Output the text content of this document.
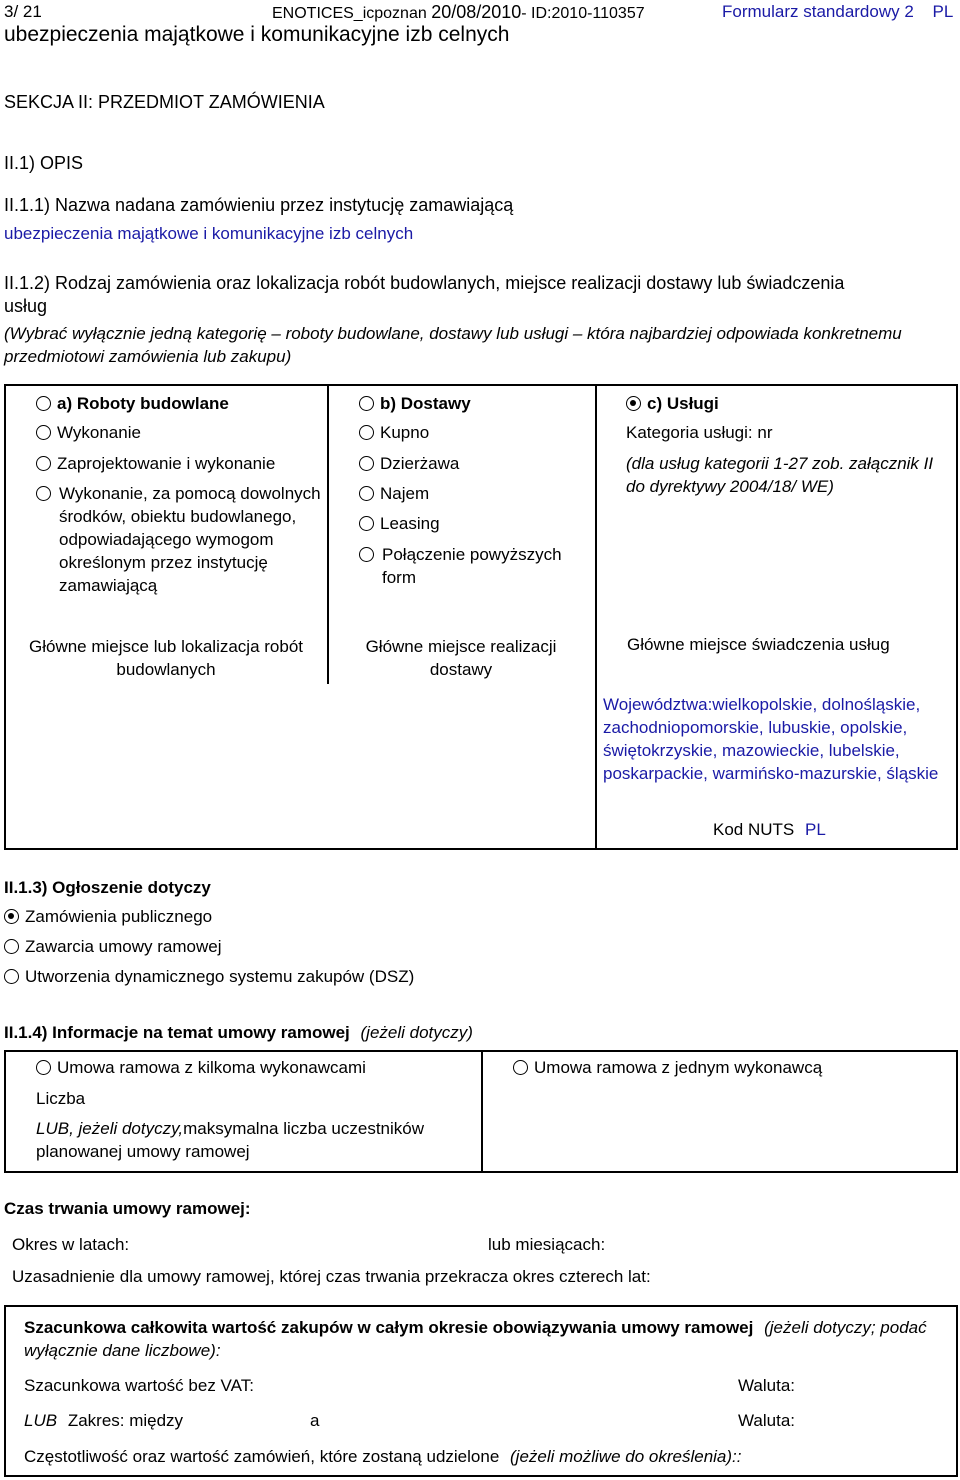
3/ 21	ENOTICES_icpoznan 20/08/2010- ID:2010-110357	Formularz standardowy 2 PL
ubezpieczenia majątkowe i komunikacyjne izb celnych
SEKCJA II: PRZEDMIOT ZAMÓWIENIA
II.1) OPIS
II.1.1) Nazwa nadana zamówieniu przez instytucję zamawiającą
ubezpieczenia majątkowe i komunikacyjne izb celnych
II.1.2) Rodzaj zamówienia oraz lokalizacja robót budowlanych, miejsce realizacji dostawy lub świadczenia usług
(Wybrać wyłącznie jedną kategorię – roboty budowlane, dostawy lub usługi – która najbardziej odpowiada konkretnemu przedmiotowi zamówienia lub zakupu)
a) Roboty budowlane
Wykonanie
Zaprojektowanie i wykonanie
Wykonanie, za pomocą dowolnych środków, obiektu budowlanego, odpowiadającego wymogom określonym przez instytucję zamawiającą
Główne miejsce lub lokalizacja robót budowlanych
b) Dostawy
Kupno
Dzierżawa
Najem
Leasing
Połączenie powyższych form
Główne miejsce realizacji dostawy
c) Usługi
Kategoria usługi: nr
(dla usług kategorii 1-27 zob. załącznik II do dyrektywy 2004/18/ WE)
Główne miejsce świadczenia usług
Województwa:wielkopolskie, dolnośląskie, zachodniopomorskie, lubuskie, opolskie, świętokrzyskie, mazowieckie, lubelskie, poskarpackie, warmińsko-mazurskie, śląskie
Kod NUTS PL
II.1.3) Ogłoszenie dotyczy
Zamówienia publicznego
Zawarcia umowy ramowej
Utworzenia dynamicznego systemu zakupów (DSZ)
II.1.4) Informacje na temat umowy ramowej (jeżeli dotyczy)
Umowa ramowa z kilkoma wykonawcami
Liczba
LUB, jeżeli dotyczy,maksymalna liczba uczestników planowanej umowy ramowej
Umowa ramowa z jednym wykonawcą
Czas trwania umowy ramowej:
Okres w latach:	lub miesiącach:
Uzasadnienie dla umowy ramowej, której czas trwania przekracza okres czterech lat:
Szacunkowa całkowita wartość zakupów w całym okresie obowiązywania umowy ramowej (jeżeli dotyczy; podać wyłącznie dane liczbowe):
Szacunkowa wartość bez VAT:	Waluta:
LUB Zakres: między	a	Waluta:
Częstotliwość oraz wartość zamówień, które zostaną udzielone (jeżeli możliwe do określenia)::
